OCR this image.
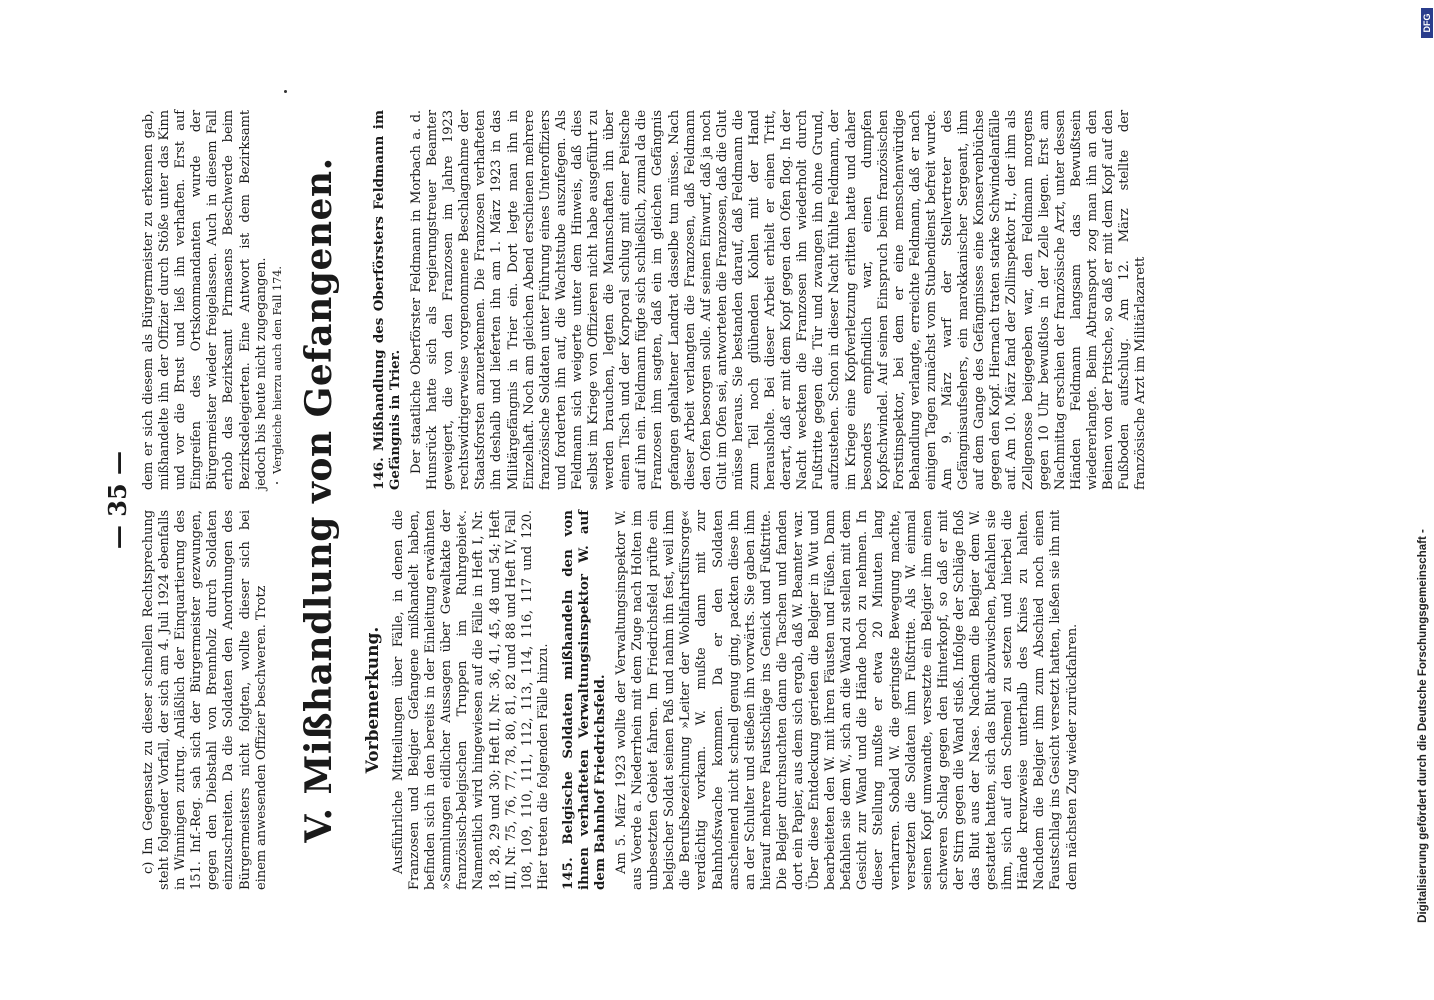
— 35 —

c) Im Gegensatz zu dieser schnellen Rechtsprechung steht folgender Vorfall, der sich am 4. Juli 1924 ebenfalls in Winningen zutrug. Anläßlich der Einquartierung des 151. Inf.-Reg. sah sich der Bürgermeister gezwungen, gegen den Diebstahl von Brennholz durch Soldaten einzuschreiten. Da die Soldaten den Anordnungen des Bürgermeisters nicht folgten, wollte dieser sich bei einem anwesenden Offizier beschweren. Trotz

dem er sich diesem als Bürgermeister zu erkennen gab, mißhandelte ihn der Offizier durch Stöße unter das Kinn und vor die Brust und ließ ihn verhaften. Erst auf Eingreifen des Ortskommandanten wurde der Bürgermeister wieder freigelassen. Auch in diesem Fall erhob das Bezirksamt Pirmasens Beschwerde beim Bezirksdelegierten. Eine Antwort ist dem Bezirksamt jedoch bis heute nicht zugegangen. Vergleiche hierzu auch den Fall 174. V. Mißhandlung von Gefangenen.	Vorbemerkung. Ausführliche Mitteilungen über Fälle, in denen die Franzosen und Belgier Gefangene mißhandelt haben, befinden sich in den bereits in der Einleitung erwähnten »Sammlungen eidlicher Aussagen über Gewaltakte der französisch-belgischen Truppen im Ruhrgebiet«. Namentlich wird hingewiesen auf die Fälle in Heft I, Nr. 18, 28, 29 und 30; Heft II, Nr. 36, 41, 45, 48 und 54; Heft III, Nr. 75, 76, 77, 78, 80, 81, 82 und 88 und Heft IV, Fall 108, 109, 110, 111, 112, 113, 114, 116, 117 und 120. Hier treten die folgenden Fälle hinzu. 145. Belgische Soldaten mißhandeln den von ihnen verhafteten Verwaltungsinspektor W. auf dem Bahnhof Friedrichsfeld. Am 5. März 1923 wollte der Verwaltungsinspektor W. aus Voerde a. Niederrhein mit dem Zuge nach Holten im unbesetzten Gebiet fahren. Im Friedrichsfeld prüfte ein belgischer Soldat seinen Paß und nahm ihn fest, weil ihm die Berufsbezeichnung »Leiter der Wohlfahrtsfürsorge« verdächtig vorkam. W. mußte dann mit zur Bahnhofswache kommen. Da er den Soldaten anscheinend nicht schnell genug ging, packten diese ihn an der Schulter und stießen ihn vorwärts. Sie gaben ihm hierauf mehrere Faustschläge ins Genick und Fußtritte. Die Belgier durchsuchten dann die Taschen und fanden dort ein Papier, aus dem sich ergab, daß W. Beamter war. Über diese Entdeckung gerieten die Belgier in Wut und bearbeiteten den W. mit ihren Fäusten und Füßen. Dann befahlen sie dem W., sich an die Wand zu stellen mit dem Gesicht zur Wand und die Hände hoch zu nehmen. In dieser Stellung mußte er etwa 20 Minuten lang verharren. Sobald W. die geringste Bewegung machte, versetzten die Soldaten ihm Fußtritte. Als W. einmal seinen Kopf umwandte, versetzte ein Belgier ihm einen schweren Schlag gegen den Hinterkopf, so daß er mit der Stirn gegen die Wand stieß. Infolge der Schläge floß das Blut aus der Nase. Nachdem die Belgier dem W. gestattet hatten, sich das Blut abzuwischen, befahlen sie ihm, sich auf den Schemel zu setzen und hierbei die Hände kreuzweise unterhalb des Knies zu halten. Nachdem die Belgier ihm zum Abschied noch einen Faustschlag ins Gesicht versetzt hatten, ließen sie ihn mit dem nächsten Zug wieder zurückfahren.

146. Mißhandlung des Oberförsters Feldmann im Gefängnis in Trier. Der staatliche Oberförster Feldmann in Morbach a. d. Hunsrück hatte sich als regierungstreuer Beamter geweigert, die von den Franzosen im Jahre 1923 rechtswidrigerweise vorgenommene Beschlagnahme der Staatsforsten anzuerkennen. Die Franzosen verhafteten ihn deshalb und lieferten ihn am 1. März 1923 in das Militärgefängnis in Trier ein. Dort legte man ihn in Einzelhaft. Noch am gleichen Abend erschienen mehrere französische Soldaten unter Führung eines Unteroffiziers und forderten ihn auf, die Wachtstube auszufegen. Als Feldmann sich weigerte unter dem Hinweis, daß dies selbst im Kriege von Offizieren nicht habe ausgeführt zu werden brauchen, legten die Mannschaften ihn über einen Tisch und der Korporal schlug mit einer Peitsche auf ihn ein. Feldmann fügte sich schließlich, zumal da die Franzosen ihm sagten, daß ein im gleichen Gefängnis gefangen gehaltener Landrat dasselbe tun müsse. Nach dieser Arbeit verlangten die Franzosen, daß Feldmann den Ofen besorgen solle. Auf seinen Einwurf, daß ja noch Glut im Ofen sei, antworteten die Franzosen, daß die Glut müsse heraus. Sie bestanden darauf, daß Feldmann die zum Teil noch glühenden Kohlen mit der Hand herausholte. Bei dieser Arbeit erhielt er einen Tritt, derart, daß er mit dem Kopf gegen den Ofen flog. In der Nacht weckten die Franzosen ihn wiederholt durch Fußtritte gegen die Tür und zwangen ihn ohne Grund, aufzustehen. Schon in dieser Nacht fühlte Feldmann, der im Kriege eine Kopfverletzung erlitten hatte und daher besonders empfindlich war, einen dumpfen Kopfschwindel. Auf seinen Einspruch beim französischen Forstinspektor, bei dem er eine menschenwürdige Behandlung verlangte, erreichte Feldmann, daß er nach einigen Tagen zunächst vom Stubendienst befreit wurde. Am 9. März warf der Stellvertreter des Gefängnisaufsehers, ein marokkanischer Sergeant, ihm auf dem Gange des Gefängnisses eine Konservenbüchse gegen den Kopf. Hiernach traten starke Schwindelanfälle auf. Am 10. März fand der Zollinspektor H., der ihm als Zellgenosse beigegeben war, den Feldmann morgens gegen 10 Uhr bewußtlos in der Zelle liegen. Erst am Nachmittag erschien der französische Arzt, unter dessen Händen Feldmann langsam das Bewußtsein wiedererlangte. Beim Abtransport zog man ihn an den Beinen von der Pritsche, so daß er mit dem Kopf auf den Fußboden aufschlug. Am 12. März stellte der französische Arzt im Militärlazarett

DFG
Digitalisierung gefördert durch die Deutsche Forschungsgemeinschaft -
